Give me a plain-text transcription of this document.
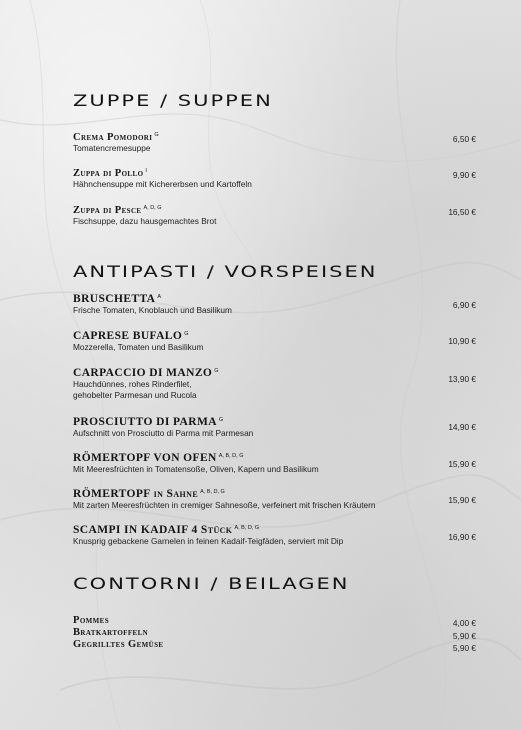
ZUPPE / SUPPEN
Crema Pomodori $^G$
Tomatencremesuppe
6,50 €
Zuppa di Pollo $^I$
Hähnchensuppe mit Kichererbsen und Kartoffeln
9,90 €
Zuppa di Pesce $^{A, D, G}$
Fischsuppe, dazu hausgemachtes Brot
16,50 €
ANTIPASTI / VORSPEISEN
BRUSCHETTA $^A$
Frische Tomaten, Knoblauch und Basilikum	6,90 €
CAPRESE BUFALO $^G$
Mozzerella, Tomaten und Basilikum
10,90 €
CARPACCIO DI MANZO $^G$
Hauchdünnes, rohes Rinderfilet,
gehobelter Parmesan und Rucola
13,90 €
PROSCIUTTO DI PARMA $^G$
Aufschnitt von Prosciutto di Parma mit Parmesan
14,90 €
RÖMERTOPF VON OFEN $^{A, B, D, G}$
Mit Meeresfrüchten in Tomatensoße, Oliven, Kapern und Basilikum	15,90 €
RÖMERTOPF in Sahne $^{A, B, D, G}$
Mit zarten Meeresfrüchten in cremiger Sahnesoße, verfeinert mit frischen Kräutern	15,90 €
SCAMPI IN KADAIF 4 Stück $^{A, B, D, G}$
Knusprig gebackene Garnelen in feinen Kadaif-Teigfäden, serviert mit Dip	16,90 €
CONTORNI / BEILAGEN
Pommes	4,00 €
Bratkartoffeln	5,90 €
Gegrilltes Gemüse	5,90 €
